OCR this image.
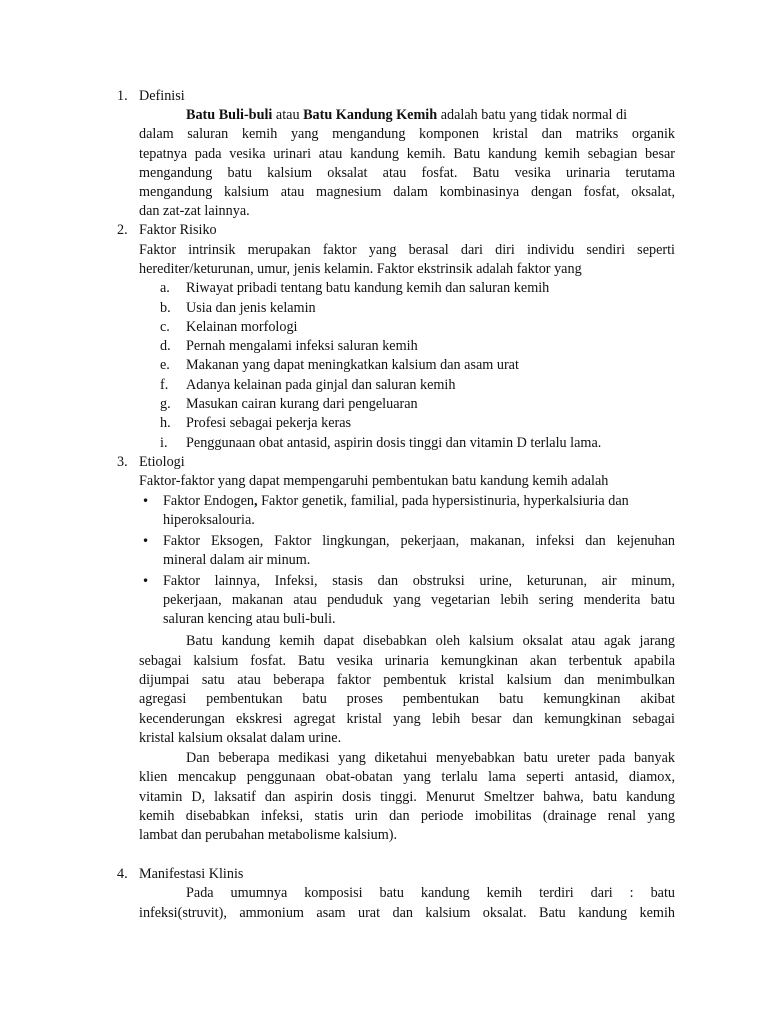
1. Definisi
Batu Buli-buli atau Batu Kandung Kemih adalah batu yang tidak normal di
dalam saluran kemih yang mengandung komponen kristal dan matriks organik
tepatnya pada vesika urinari atau kandung kemih. Batu kandung kemih sebagian besar
mengandung batu kalsium oksalat atau fosfat. Batu vesika urinaria terutama
mengandung kalsium atau magnesium dalam kombinasinya dengan fosfat, oksalat,
dan zat-zat lainnya.
2. Faktor Risiko
Faktor intrinsik merupakan faktor yang berasal dari diri individu sendiri seperti
herediter/keturunan, umur, jenis kelamin. Faktor ekstrinsik adalah faktor yang
a. Riwayat pribadi tentang batu kandung kemih dan saluran kemih
b. Usia dan jenis kelamin
c. Kelainan morfologi
d. Pernah mengalami infeksi saluran kemih
e. Makanan yang dapat meningkatkan kalsium dan asam urat
f. Adanya kelainan pada ginjal dan saluran kemih
g. Masukan cairan kurang dari pengeluaran
h. Profesi sebagai pekerja keras
i. Penggunaan obat antasid, aspirin dosis tinggi dan vitamin D terlalu lama.
3. Etiologi
Faktor-faktor yang dapat mempengaruhi pembentukan batu kandung kemih adalah
• Faktor Endogen, Faktor genetik, familial, pada hypersistinuria, hyperkalsiuria dan
hiperoksalouria.
• Faktor Eksogen, Faktor lingkungan, pekerjaan, makanan, infeksi dan kejenuhan
mineral dalam air minum.
• Faktor lainnya, Infeksi, stasis dan obstruksi urine, keturunan, air minum,
pekerjaan, makanan atau penduduk yang vegetarian lebih sering menderita batu
saluran kencing atau buli-buli.
Batu kandung kemih dapat disebabkan oleh kalsium oksalat atau agak jarang
sebagai kalsium fosfat. Batu vesika urinaria kemungkinan akan terbentuk apabila
dijumpai satu atau beberapa faktor pembentuk kristal kalsium dan menimbulkan
agregasi pembentukan batu proses pembentukan batu kemungkinan akibat
kecenderungan ekskresi agregat kristal yang lebih besar dan kemungkinan sebagai
kristal kalsium oksalat dalam urine.
Dan beberapa medikasi yang diketahui menyebabkan batu ureter pada banyak
klien mencakup penggunaan obat-obatan yang terlalu lama seperti antasid, diamox,
vitamin D, laksatif dan aspirin dosis tinggi. Menurut Smeltzer bahwa, batu kandung
kemih disebabkan infeksi, statis urin dan periode imobilitas (drainage renal yang
lambat dan perubahan metabolisme kalsium).
4. Manifestasi Klinis
Pada umumnya komposisi batu kandung kemih terdiri dari : batu
infeksi(struvit), ammonium asam urat dan kalsium oksalat. Batu kandung kemih
